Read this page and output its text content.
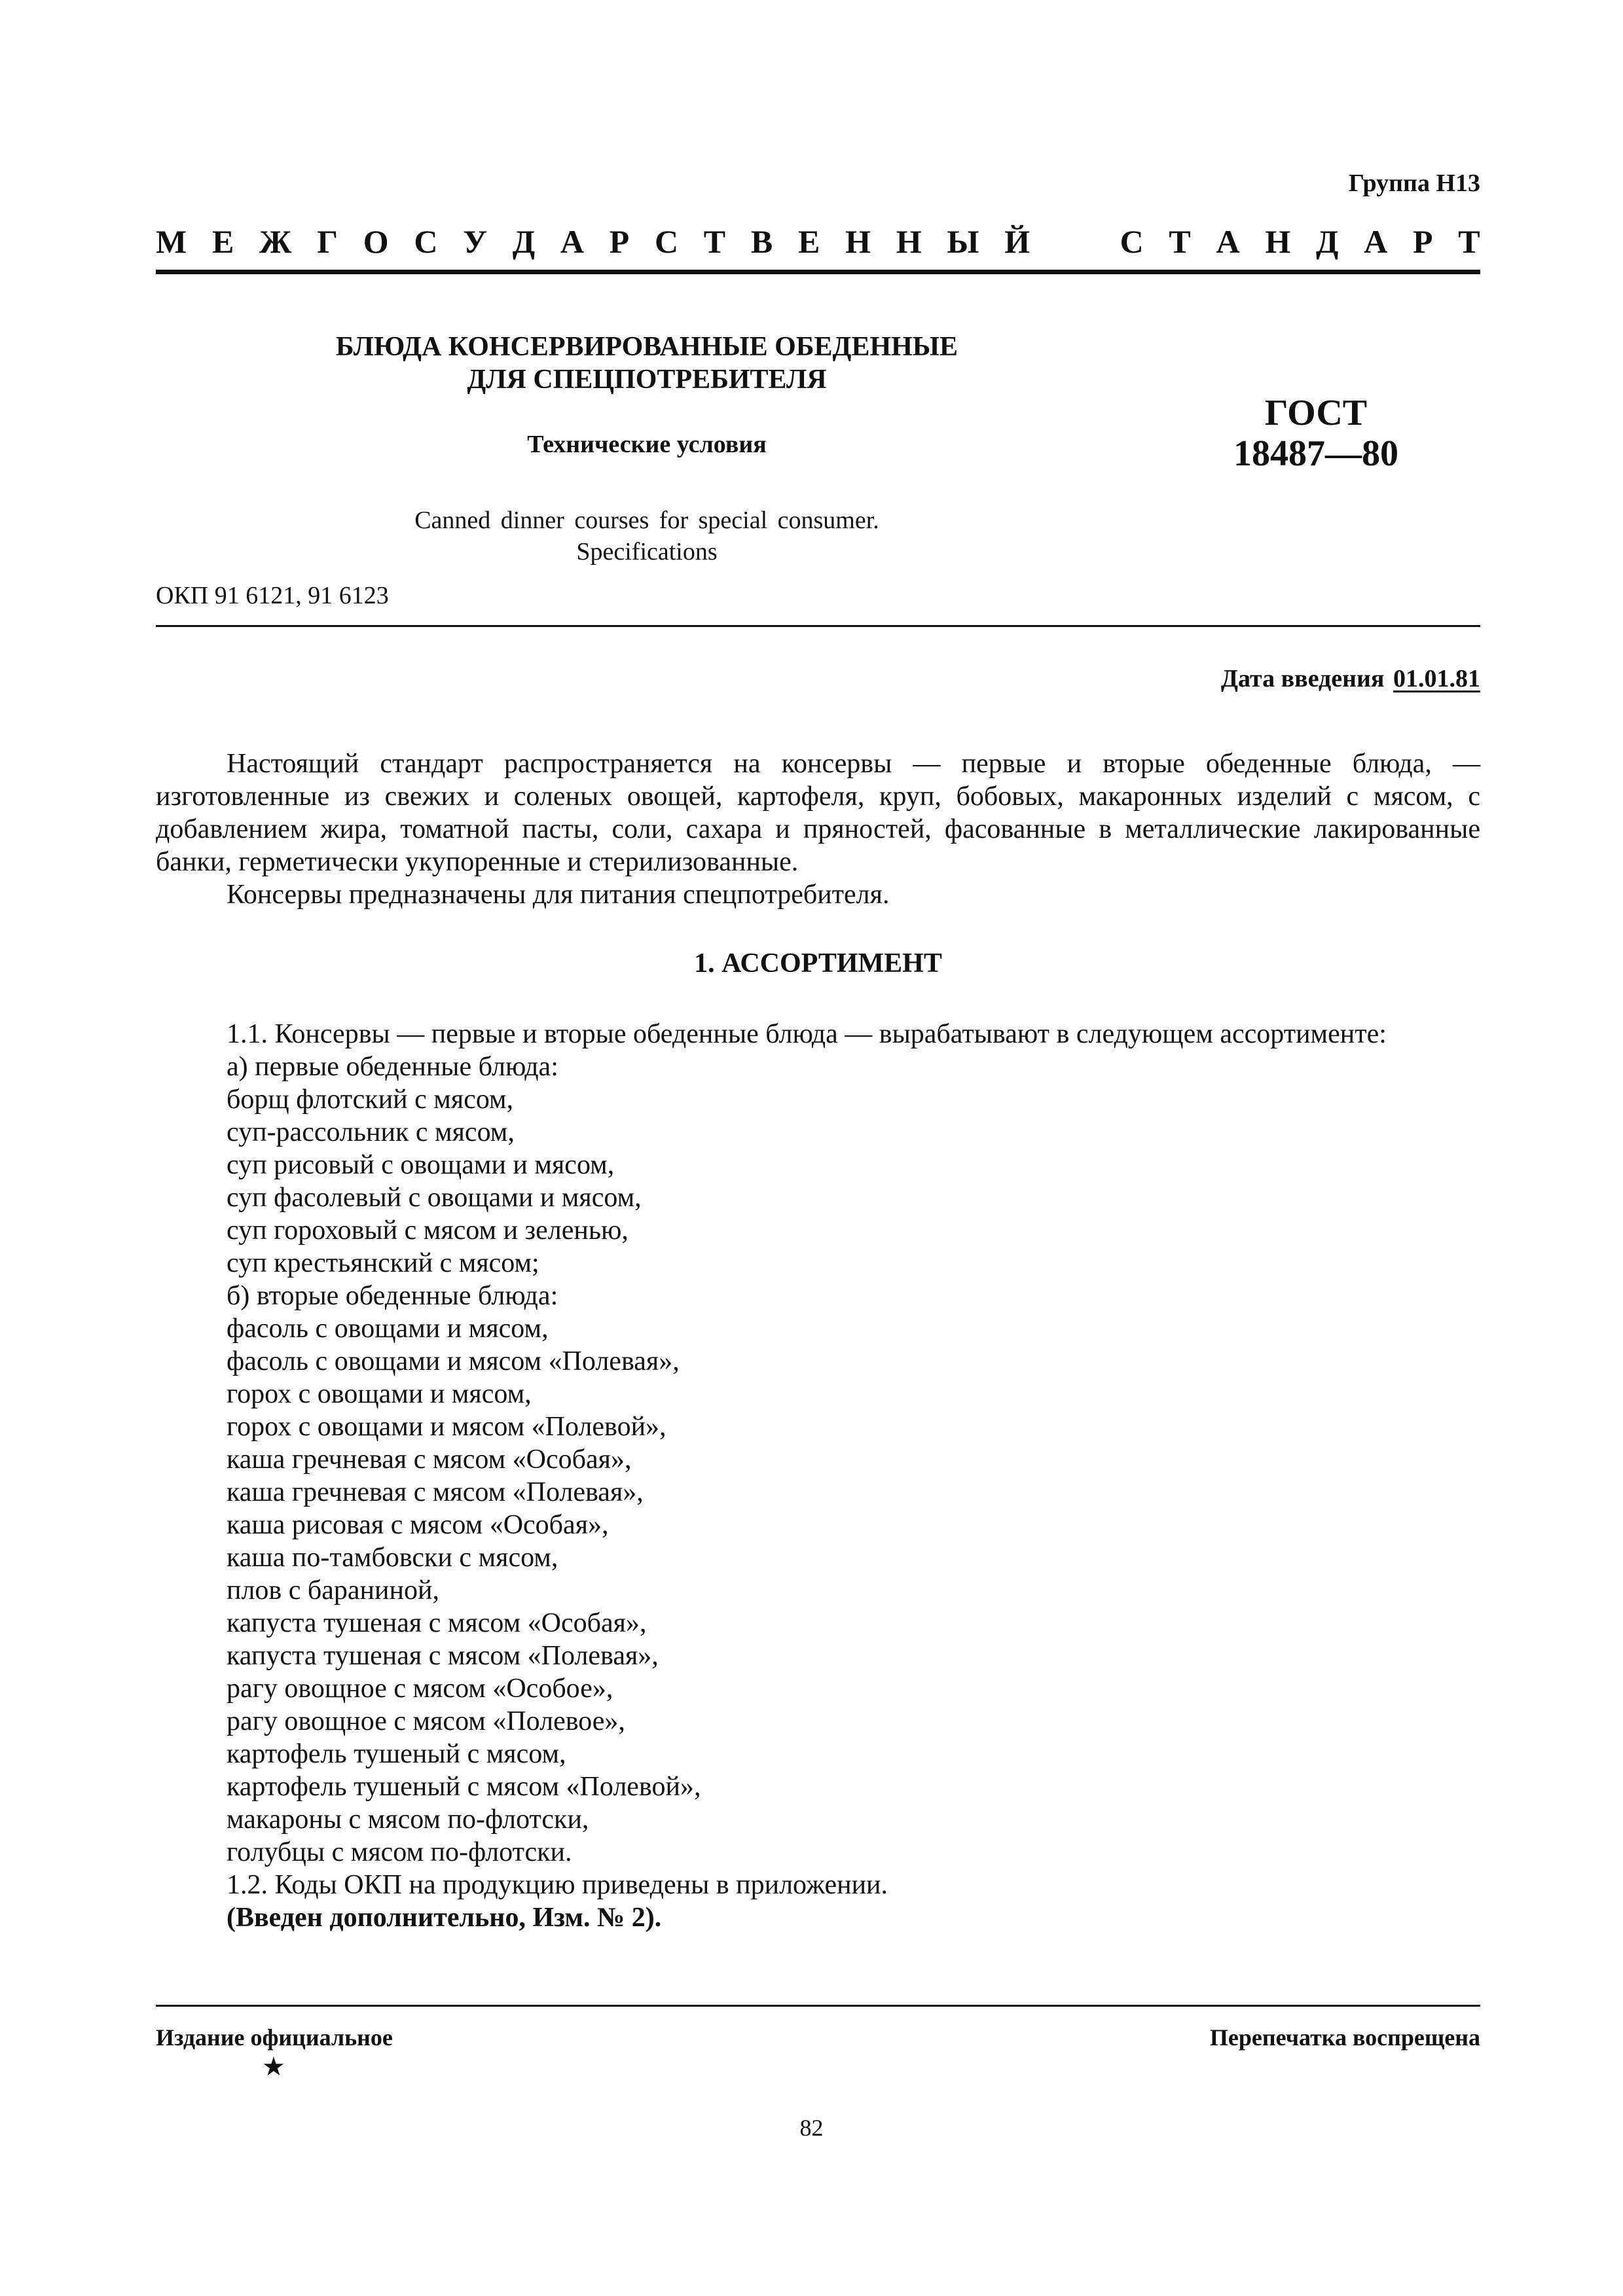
Группа Н13
М Е Ж Г О С У Д А Р С Т В Е Н Н Ы Й	С Т А Н Д А Р Т
БЛЮДА КОНСЕРВИРОВАННЫЕ ОБЕДЕННЫЕ
ДЛЯ СПЕЦПОТРЕБИТЕЛЯ
Технические условия
Canned dinner courses for special consumer.
Specifications
ГОСТ
18487—80
ОКП 91 6121, 91 6123
Дата введения 01.01.81

Настоящий стандарт распространяется на консервы — первые и вторые обеденные блюда, — изготовленные из свежих и соленых овощей, картофеля, круп, бобовых, макаронных изделий с мясом, с добавлением жира, томатной пасты, соли, сахара и пряностей, фасованные в металлические лакированные банки, герметически укупоренные и стерилизованные.

Консервы предназначены для питания спецпотребителя.

1. АССОРТИМЕНТ
1.1. Консервы — первые и вторые обеденные блюда — вырабатывают в следующем ассортименте:
а) первые обеденные блюда:
борщ флотский с мясом,
суп-рассольник с мясом,
суп рисовый с овощами и мясом,
суп фасолевый с овощами и мясом,
суп гороховый с мясом и зеленью,
суп крестьянский с мясом;
б) вторые обеденные блюда:
фасоль с овощами и мясом,
фасоль с овощами и мясом «Полевая»,
горох с овощами и мясом,
горох с овощами и мясом «Полевой»,
каша гречневая с мясом «Особая»,
каша гречневая с мясом «Полевая»,
каша рисовая с мясом «Особая»,
каша по-тамбовски с мясом,
плов с бараниной,
капуста тушеная с мясом «Особая»,
капуста тушеная с мясом «Полевая»,
рагу овощное с мясом «Особое»,
рагу овощное с мясом «Полевое»,
картофель тушеный с мясом,
картофель тушеный с мясом «Полевой»,
макароны с мясом по-флотски,
голубцы с мясом по-флотски.
1.2. Коды ОКП на продукцию приведены в приложении.
(Введен дополнительно, Изм. № 2).
Издание официальное
★
Перепечатка воспрещена
82
